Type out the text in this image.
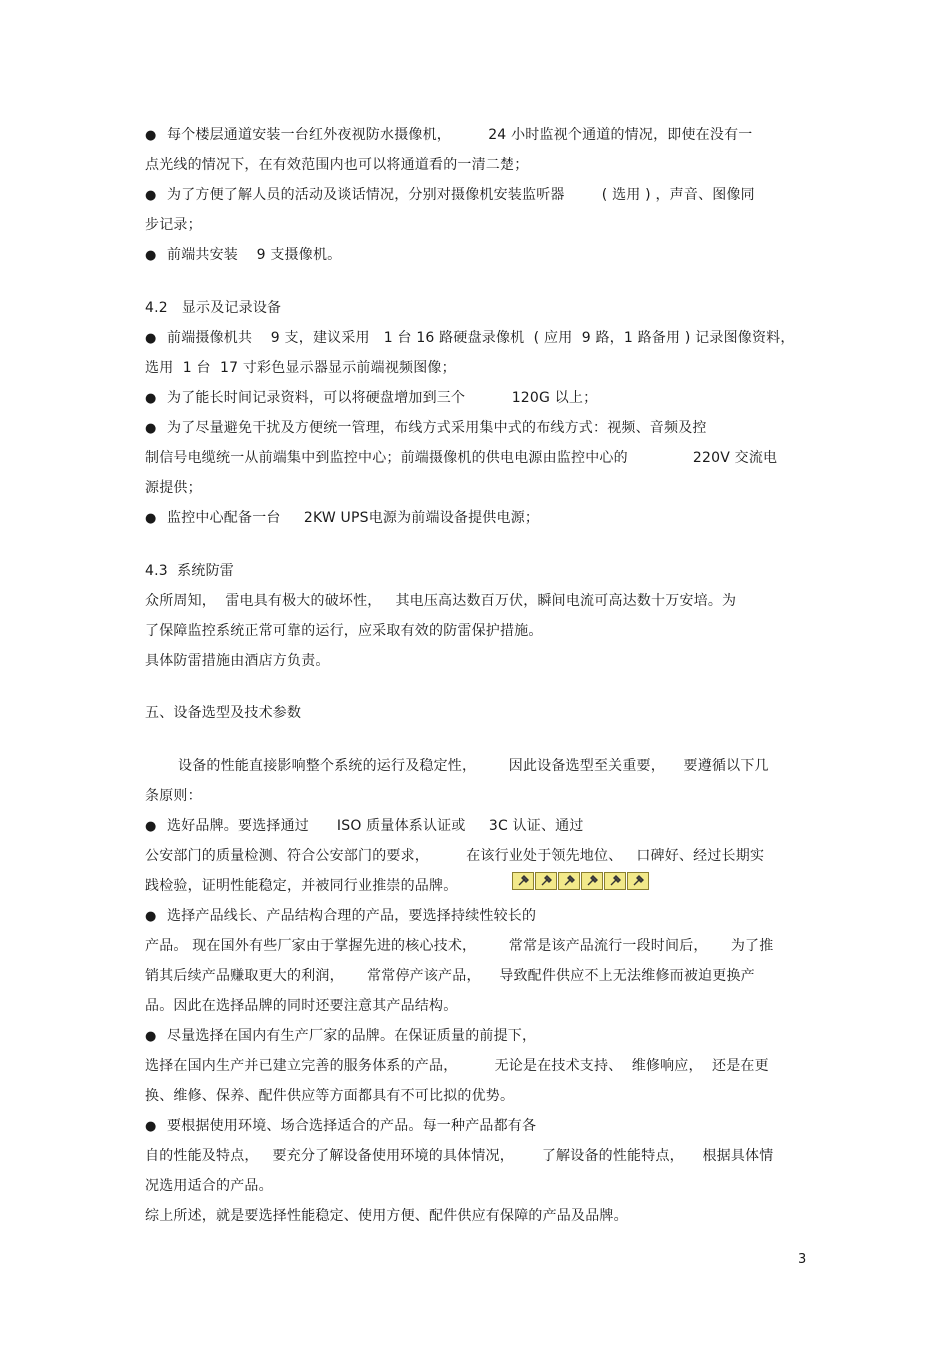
● 每个楼层通道安装一台红外夜视防水摄像机，        24 小时监视个通道的情况，即使在没有一
点光线的情况下，在有效范围内也可以将通道看的一清二楚；
● 为了方便了解人员的活动及谈话情况，分别对摄像机安装监听器        ( 选用 ) ，声音、图像同
步记录；
● 前端共安装    9 支摄像机。
4.2   显示及记录设备
● 前端摄像机共    9 支，建议采用   1 台 16 路硬盘录像机  ( 应用  9 路，1 路备用 ) 记录图像资料，
选用  1 台  17 寸彩色显示器显示前端视频图像；
● 为了能长时间记录资料，可以将硬盘增加到三个          120G 以上；
● 为了尽量避免干扰及方便统一管理，布线方式采用集中式的布线方式：视频、音频及控
制信号电缆统一从前端集中到监控中心；前端摄像机的供电电源由监控中心的              220V 交流电
源提供；
● 监控中心配备一台     2KW UPS电源为前端设备提供电源；
4.3  系统防雷
众所周知，  雷电具有极大的破坏性，   其电压高达数百万伏，瞬间电流可高达数十万安培。为
了保障监控系统正常可靠的运行，应采取有效的防雷保护措施。
具体防雷措施由酒店方负责。
五、设备选型及技术参数
设备的性能直接影响整个系统的运行及稳定性，       因此设备选型至关重要，    要遵循以下几
条原则：
● 选好品牌。要选择通过      ISO 质量体系认证或     3C 认证、通过
公安部门的质量检测、符合公安部门的要求，        在该行业处于领先地位、   口碑好、经过长期实
践检验，证明性能稳定，并被同行业推崇的品牌。
● 选择产品线长、产品结构合理的产品，要选择持续性较长的
产品。 现在国外有些厂家由于掌握先进的核心技术，       常常是该产品流行一段时间后，     为了推
销其后续产品赚取更大的利润，     常常停产该产品，    导致配件供应不上无法维修而被迫更换产
品。因此在选择品牌的同时还要注意其产品结构。
● 尽量选择在国内有生产厂家的品牌。在保证质量的前提下，
选择在国内生产并已建立完善的服务体系的产品，        无论是在技术支持、  维修响应，  还是在更
换、维修、保养、配件供应等方面都具有不可比拟的优势。
● 要根据使用环境、场合选择适合的产品。每一种产品都有各
自的性能及特点，   要充分了解设备使用环境的具体情况，      了解设备的性能特点，    根据具体情
况选用适合的产品。
综上所述，就是要选择性能稳定、使用方便、配件供应有保障的产品及品牌。
3
